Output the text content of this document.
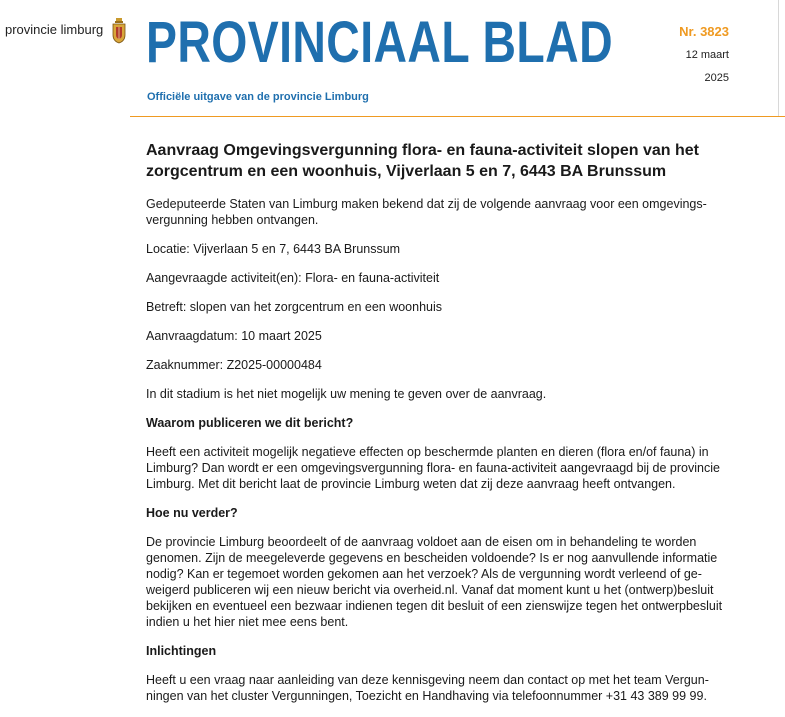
provincie limburg PROVINCIAAL BLAD
Officiële uitgave van de provincie Limburg
Nr. 3823
12 maart
2025
Aanvraag Omgevingsvergunning flora- en fauna-activiteit slopen van het zorgcentrum en een woonhuis, Vijverlaan 5 en 7, 6443 BA Brunssum

Gedeputeerde Staten van Limburg maken bekend dat zij de volgende aanvraag voor een omgevings-vergunning hebben ontvangen.

Locatie: Vijverlaan 5 en 7, 6443 BA Brunssum

Aangevraagde activiteit(en): Flora- en fauna-activiteit

Betreft: slopen van het zorgcentrum en een woonhuis

Aanvraagdatum: 10 maart 2025

Zaaknummer: Z2025-00000484

In dit stadium is het niet mogelijk uw mening te geven over de aanvraag.

Waarom publiceren we dit bericht?

Heeft een activiteit mogelijk negatieve effecten op beschermde planten en dieren (flora en/of fauna) in Limburg? Dan wordt er een omgevingsvergunning flora- en fauna-activiteit aangevraagd bij de provincie Limburg. Met dit bericht laat de provincie Limburg weten dat zij deze aanvraag heeft ontvangen.

Hoe nu verder?

De provincie Limburg beoordeelt of de aanvraag voldoet aan de eisen om in behandeling te worden genomen. Zijn de meegeleverde gegevens en bescheiden voldoende? Is er nog aanvullende informatie nodig? Kan er tegemoet worden gekomen aan het verzoek? Als de vergunning wordt verleend of ge-weigerd publiceren wij een nieuw bericht via overheid.nl. Vanaf dat moment kunt u het (ontwerp)besluit bekijken en eventueel een bezwaar indienen tegen dit besluit of een zienswijze tegen het ontwerpbesluit indien u het hier niet mee eens bent.

Inlichtingen

Heeft u een vraag naar aanleiding van deze kennisgeving neem dan contact op met het team Vergun-ningen van het cluster Vergunningen, Toezicht en Handhaving via telefoonnummer +31 43 389 99 99.
